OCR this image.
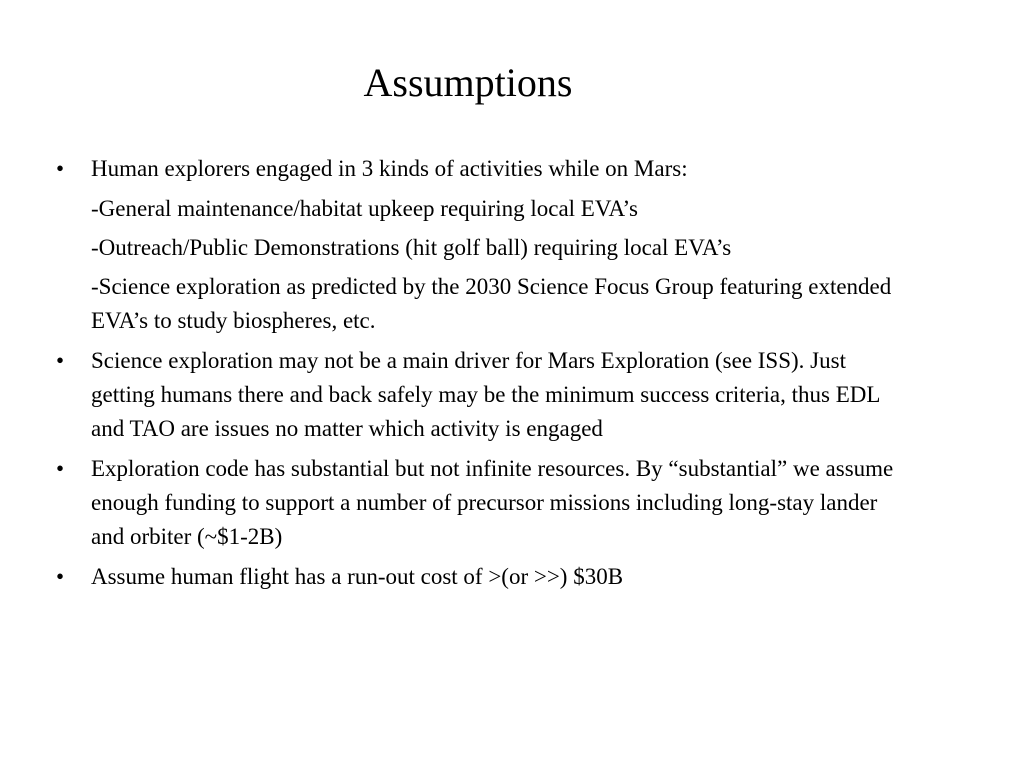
Assumptions
• Human explorers engaged in 3 kinds of activities while on Mars:
-General maintenance/habitat upkeep requiring local EVA’s
-Outreach/Public Demonstrations (hit golf ball) requiring local EVA’s
-Science exploration as predicted by the 2030 Science Focus Group featuring extended EVA’s to study biospheres, etc.
• Science exploration may not be a main driver for Mars Exploration (see ISS). Just getting humans there and back safely may be the minimum success criteria, thus EDL and TAO are issues no matter which activity is engaged
• Exploration code has substantial but not infinite resources. By “substantial” we assume enough funding to support a number of precursor missions including long-stay lander and orbiter (~$1-2B)
• Assume human flight has a run-out cost of >(or >>) $30B
